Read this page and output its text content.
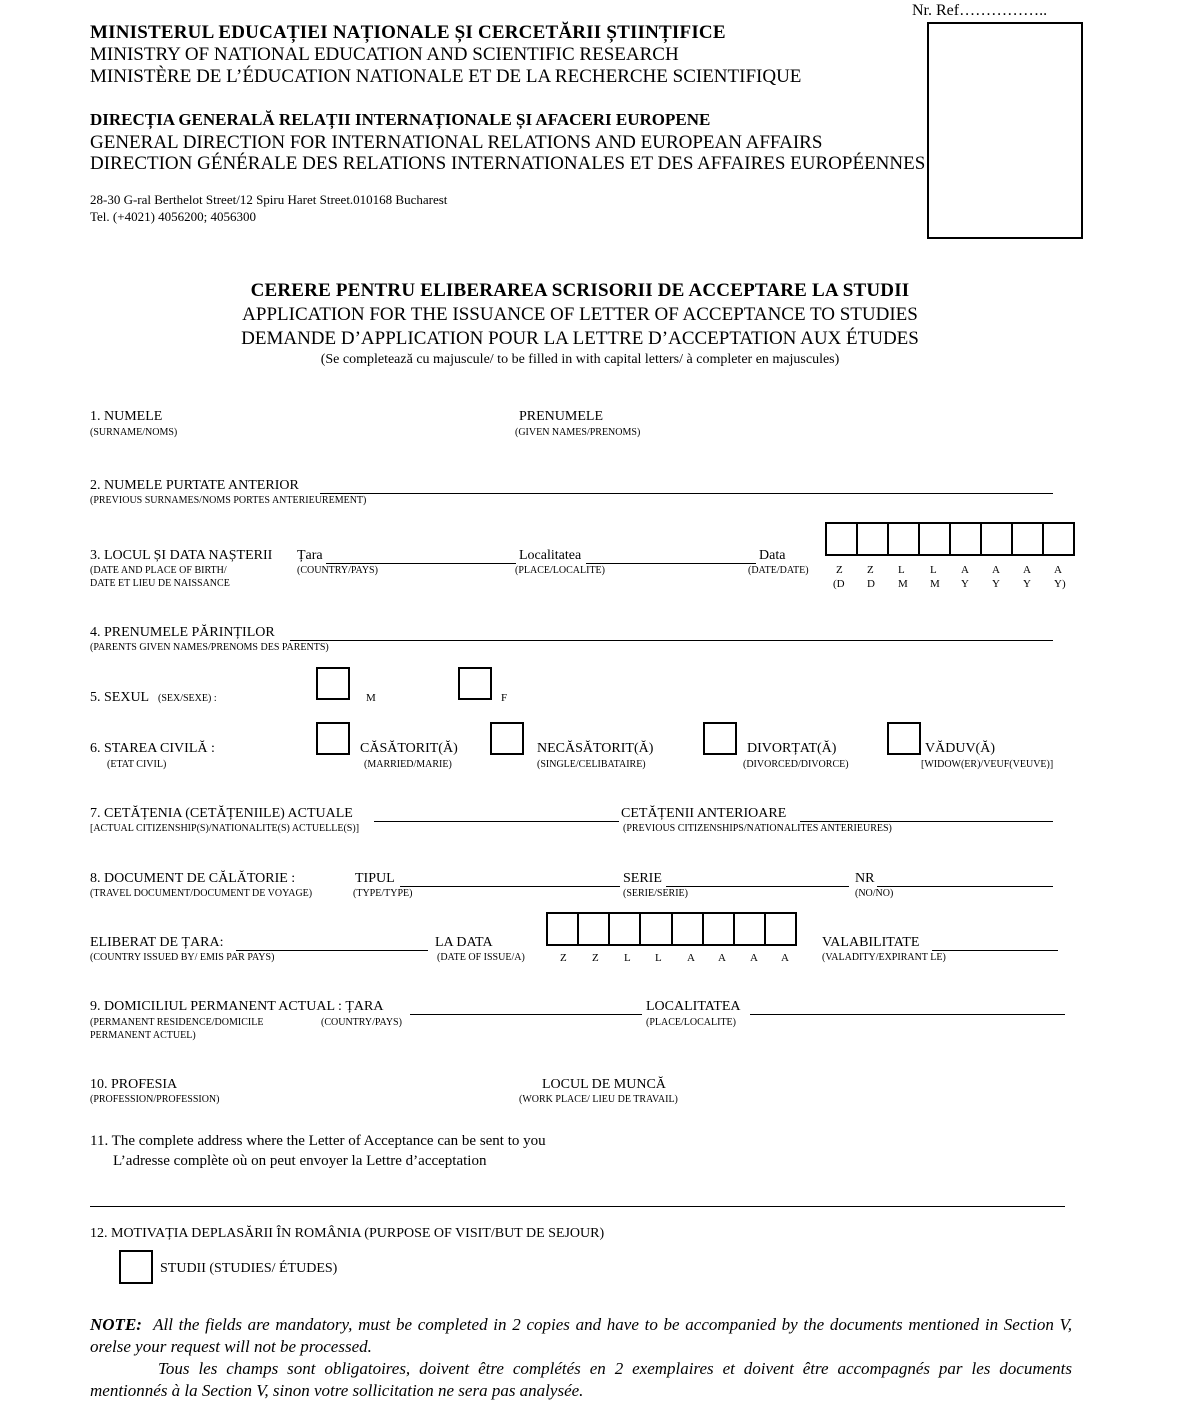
Nr. Ref……………..
MINISTERUL EDUCAȚIEI NAȚIONALE ȘI CERCETĂRII ȘTIINȚIFICE
MINISTRY OF NATIONAL EDUCATION AND SCIENTIFIC RESEARCH
MINISTÈRE DE L’ÉDUCATION NATIONALE ET DE LA RECHERCHE SCIENTIFIQUE
DIRECȚIA GENERALĂ RELAȚII INTERNAȚIONALE ȘI AFACERI EUROPENE
GENERAL DIRECTION FOR INTERNATIONAL RELATIONS AND EUROPEAN AFFAIRS
DIRECTION GÉNÉRALE DES RELATIONS INTERNATIONALES ET DES AFFAIRES EUROPÉENNES
28-30 G-ral Berthelot Street/12 Spiru Haret Street.010168 Bucharest
Tel. (+4021) 4056200; 4056300
CERERE PENTRU ELIBERAREA SCRISORII DE ACCEPTARE LA STUDII
APPLICATION FOR THE ISSUANCE OF LETTER OF ACCEPTANCE TO STUDIES
DEMANDE D’APPLICATION POUR LA LETTRE D’ACCEPTATION AUX ÉTUDES
(Se completează cu majuscule/ to be filled in with capital letters/ à completer en majuscules)
1. NUMELE
(SURNAME/NOMS)
PRENUMELE
(GIVEN NAMES/PRENOMS)
2. NUMELE PURTATE ANTERIOR
(PREVIOUS SURNAMES/NOMS PORTES ANTERIEUREMENT)
3. LOCUL ȘI DATA NAȘTERII
(DATE AND PLACE OF BIRTH/
DATE ET LIEU DE NAISSANCE
Țara
(COUNTRY/PAYS)
Localitatea
(PLACE/LOCALITE)
Data
(DATE/DATE) Z Z L L A A A A
(D D M M Y Y Y Y)
4. PRENUMELE PĂRINȚILOR
(PARENTS GIVEN NAMES/PRENOMS DES PARENTS)
5. SEXUL (SEX/SEXE) :	M	F
6. STAREA CIVILĂ :
(ETAT CIVIL)
CĂSĂTORIT(Ă)
(MARRIED/MARIE)
NECĂSĂTORIT(Ă)
(SINGLE/CELIBATAIRE)
DIVORȚAT(Ă)
(DIVORCED/DIVORCE)
VĂDUV(Ă)
[WIDOW(ER)/VEUF(VEUVE)]
7. CETĂȚENIA (CETĂȚENIILE) ACTUALE
[ACTUAL CITIZENSHIP(S)/NATIONALITE(S) ACTUELLE(S)]
CETĂȚENII ANTERIOARE
(PREVIOUS CITIZENSHIPS/NATIONALITES ANTERIEURES)
8. DOCUMENT DE CĂLĂTORIE :
(TRAVEL DOCUMENT/DOCUMENT DE VOYAGE)
TIPUL
(TYPE/TYPE)
SERIE
(SERIE/SERIE)
NR
(NO/NO)
ELIBERAT DE ȚARA:
(COUNTRY ISSUED BY/ EMIS PAR PAYS)
LA DATA
(DATE OF ISSUE/A)	Z Z L L A A A A
VALABILITATE
(VALADITY/EXPIRANT LE)
9. DOMICILIUL PERMANENT ACTUAL : ȚARA
(PERMANENT RESIDENCE/DOMICILE
PERMANENT ACTUEL)
(COUNTRY/PAYS)
LOCALITATEA
(PLACE/LOCALITE)
10. PROFESIA
(PROFESSION/PROFESSION)
LOCUL DE MUNCĂ
(WORK PLACE/ LIEU DE TRAVAIL)
11. The complete address where the Letter of Acceptance can be sent to you
L’adresse complète où on peut envoyer la Lettre d’acceptation
12. MOTIVAȚIA DEPLASĂRII ÎN ROMÂNIA (PURPOSE OF VISIT/BUT DE SEJOUR)
STUDII (STUDIES/ ÉTUDES)
NOTE: All the fields are mandatory, must be completed in 2 copies and have to be accompanied by the documents mentioned in Section V, orelse your request will not be processed.
Tous les champs sont obligatoires, doivent être complétés en 2 exemplaires et doivent être accompagnés par les documents mentionnés à la Section V, sinon votre sollicitation ne sera pas analysée.
